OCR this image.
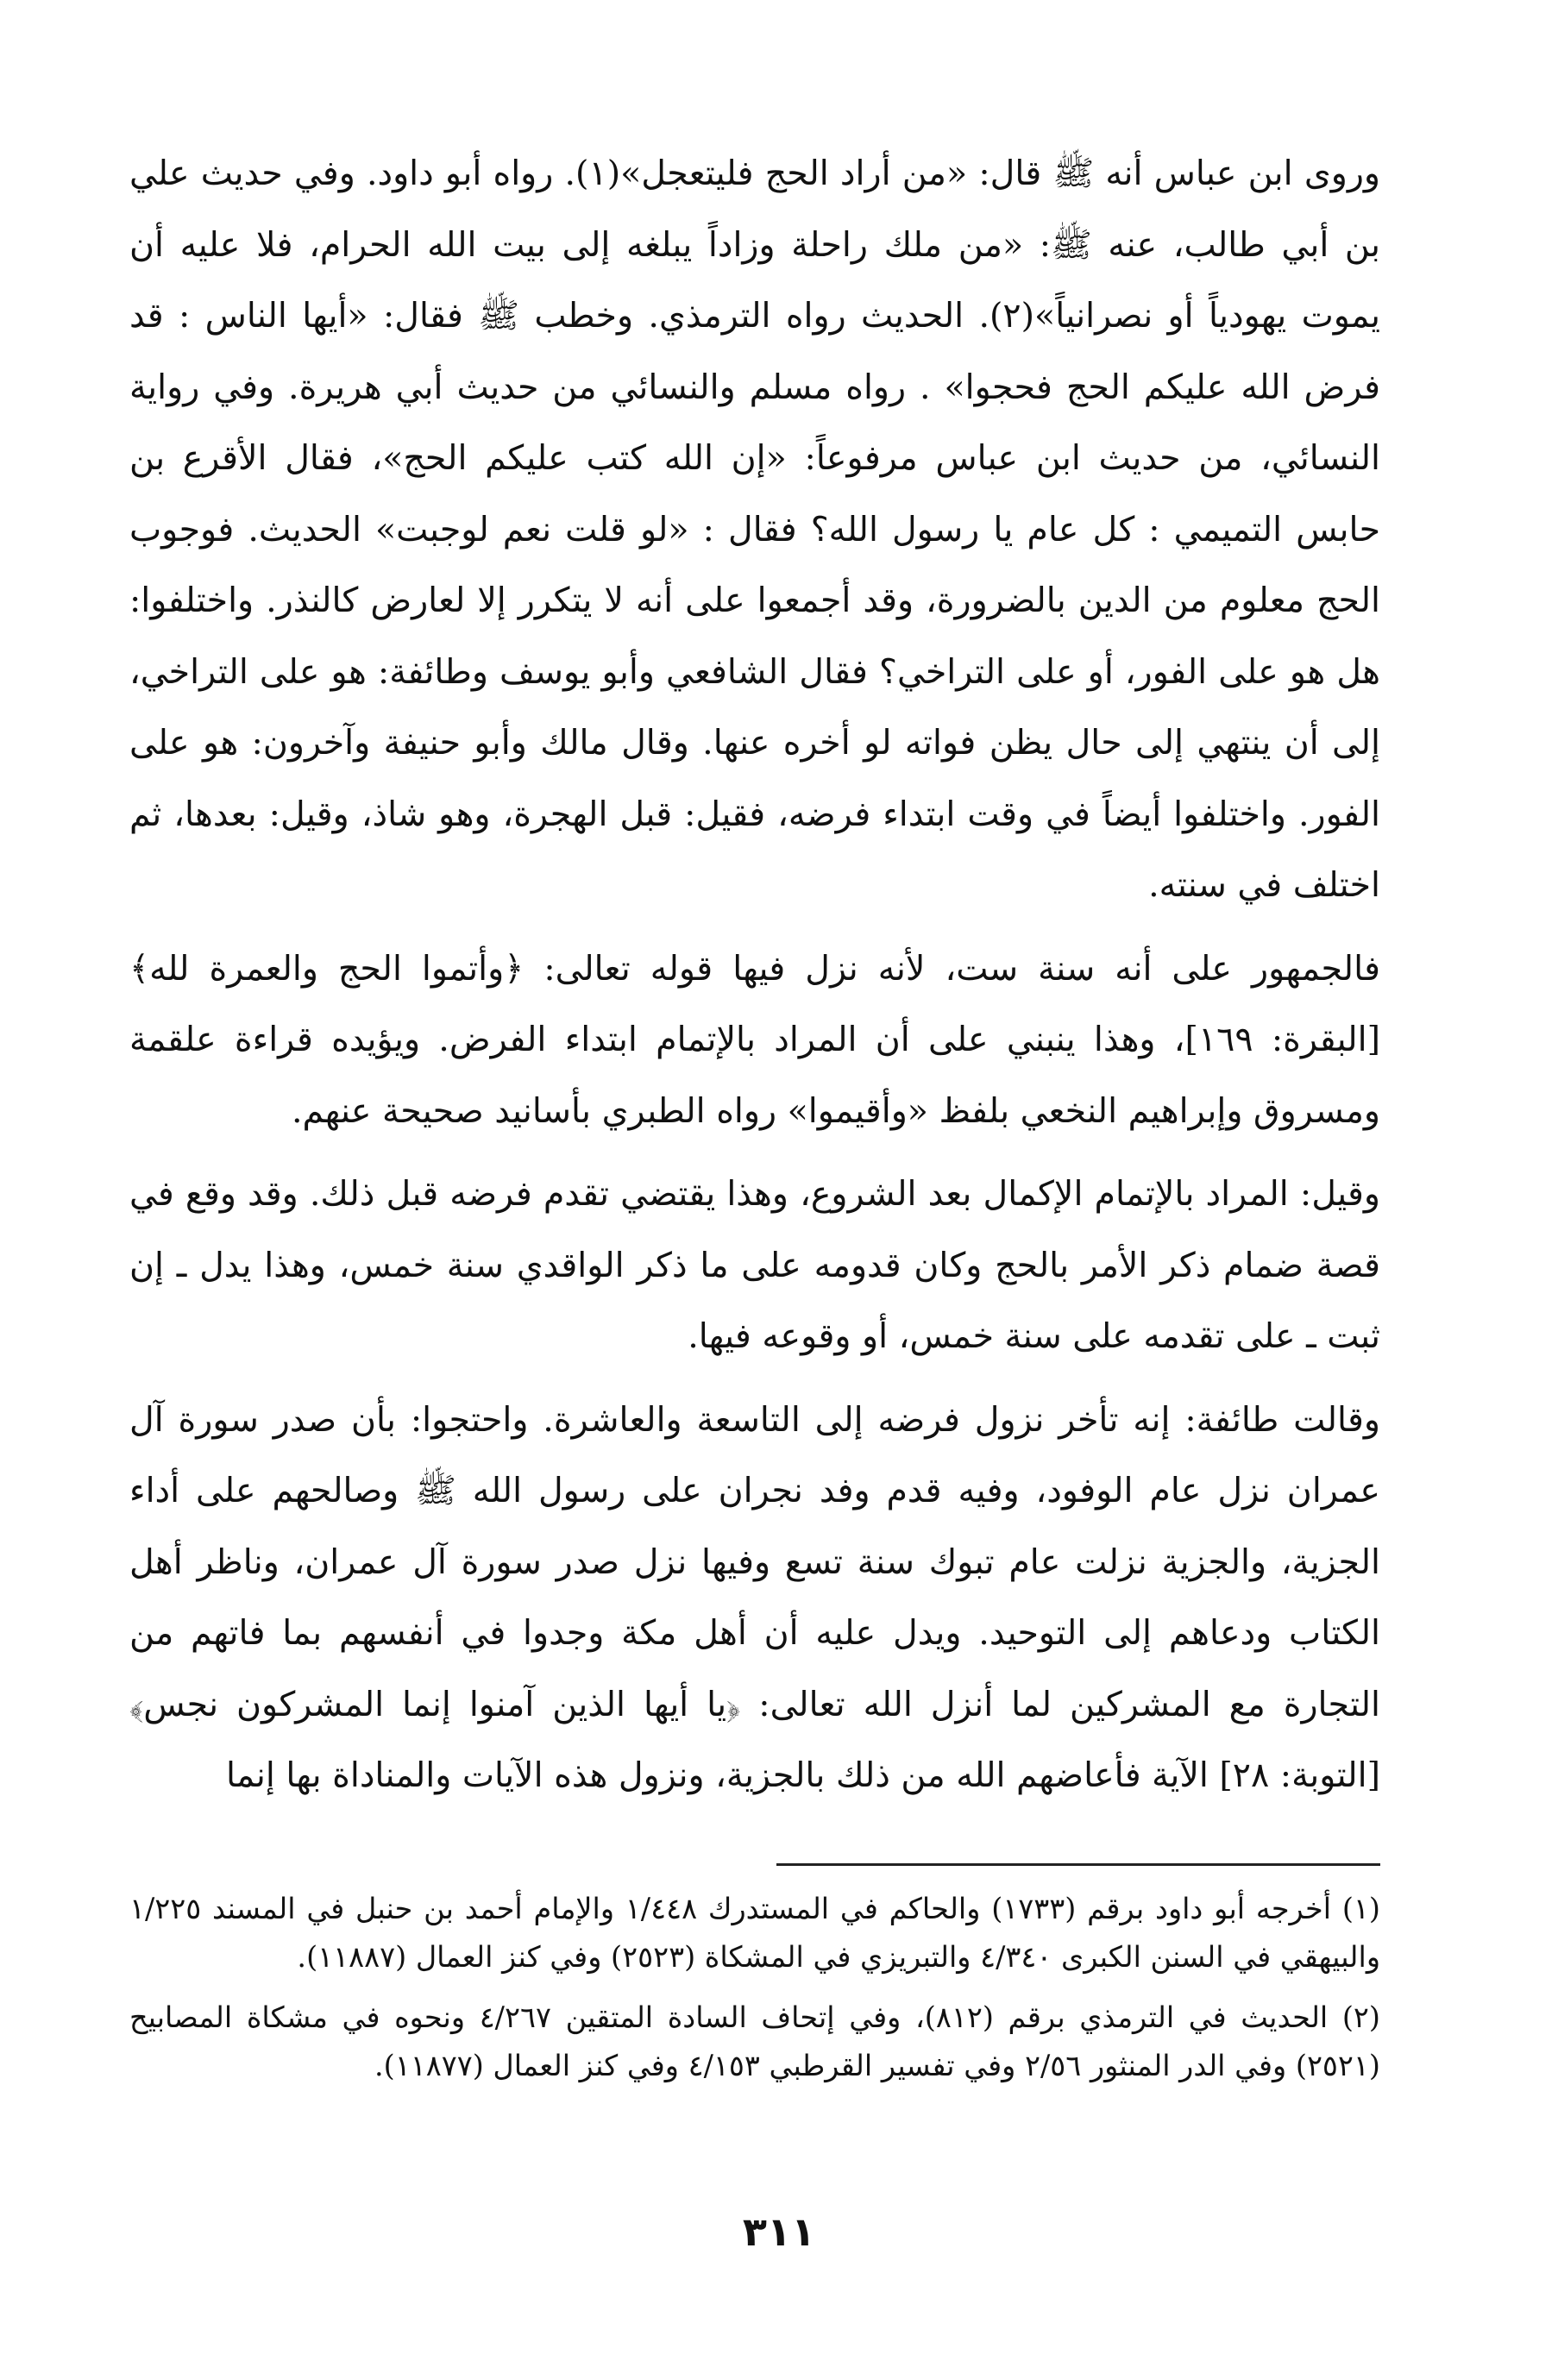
وروى ابن عباس أنه ﷺ قال: «من أراد الحج فليتعجل»(١). رواه أبو داود. وفي حديث علي بن أبي طالب، عنه ﷺ: «من ملك راحلة وزاداً يبلغه إلى بيت الله الحرام، فلا عليه أن يموت يهودياً أو نصرانياً»(٢). الحديث رواه الترمذي. وخطب ﷺ فقال: «أيها الناس : قد فرض الله عليكم الحج فحجوا» . رواه مسلم والنسائي من حديث أبي هريرة. وفي رواية النسائي، من حديث ابن عباس مرفوعاً: «إن الله كتب عليكم الحج»، فقال الأقرع بن حابس التميمي : كل عام يا رسول الله؟ فقال : «لو قلت نعم لوجبت» الحديث. فوجوب الحج معلوم من الدين بالضرورة، وقد أجمعوا على أنه لا يتكرر إلا لعارض كالنذر. واختلفوا: هل هو على الفور، أو على التراخي؟ فقال الشافعي وأبو يوسف وطائفة: هو على التراخي، إلى أن ينتهي إلى حال يظن فواته لو أخره عنها. وقال مالك وأبو حنيفة وآخرون: هو على الفور. واختلفوا أيضاً في وقت ابتداء فرضه، فقيل: قبل الهجرة، وهو شاذ، وقيل: بعدها، ثم اختلف في سنته.

فالجمهور على أنه سنة ست، لأنه نزل فيها قوله تعالى: ﴿وأتموا الحج والعمرة لله﴾ [البقرة: ١٦٩]، وهذا ينبني على أن المراد بالإتمام ابتداء الفرض. ويؤيده قراءة علقمة ومسروق وإبراهيم النخعي بلفظ «وأقيموا» رواه الطبري بأسانيد صحيحة عنهم.

وقيل: المراد بالإتمام الإكمال بعد الشروع، وهذا يقتضي تقدم فرضه قبل ذلك. وقد وقع في قصة ضمام ذكر الأمر بالحج وكان قدومه على ما ذكر الواقدي سنة خمس، وهذا يدل ـ إن ثبت ـ على تقدمه على سنة خمس، أو وقوعه فيها.

وقالت طائفة: إنه تأخر نزول فرضه إلى التاسعة والعاشرة. واحتجوا: بأن صدر سورة آل عمران نزل عام الوفود، وفيه قدم وفد نجران على رسول الله ﷺ وصالحهم على أداء الجزية، والجزية نزلت عام تبوك سنة تسع وفيها نزل صدر سورة آل عمران، وناظر أهل الكتاب ودعاهم إلى التوحيد. ويدل عليه أن أهل مكة وجدوا في أنفسهم بما فاتهم من التجارة مع المشركين لما أنزل الله تعالى: ﴿يا أيها الذين آمنوا إنما المشركون نجس﴾ [التوبة: ٢٨] الآية فأعاضهم الله من ذلك بالجزية، ونزول هذه الآيات والمناداة بها إنما

(١) أخرجه أبو داود برقم (١٧٣٣) والحاكم في المستدرك ١/٤٤٨ والإمام أحمد بن حنبل في المسند ١/٢٢٥ والبيهقي في السنن الكبرى ٤/٣٤٠ والتبريزي في المشكاة (٢٥٢٣) وفي كنز العمال (١١٨٨٧).

(٢) الحديث في الترمذي برقم (٨١٢)، وفي إتحاف السادة المتقين ٤/٢٦٧ ونحوه في مشكاة المصابيح (٢٥٢١) وفي الدر المنثور ٢/٥٦ وفي تفسير القرطبي ٤/١٥٣ وفي كنز العمال (١١٨٧٧).

٣١١
